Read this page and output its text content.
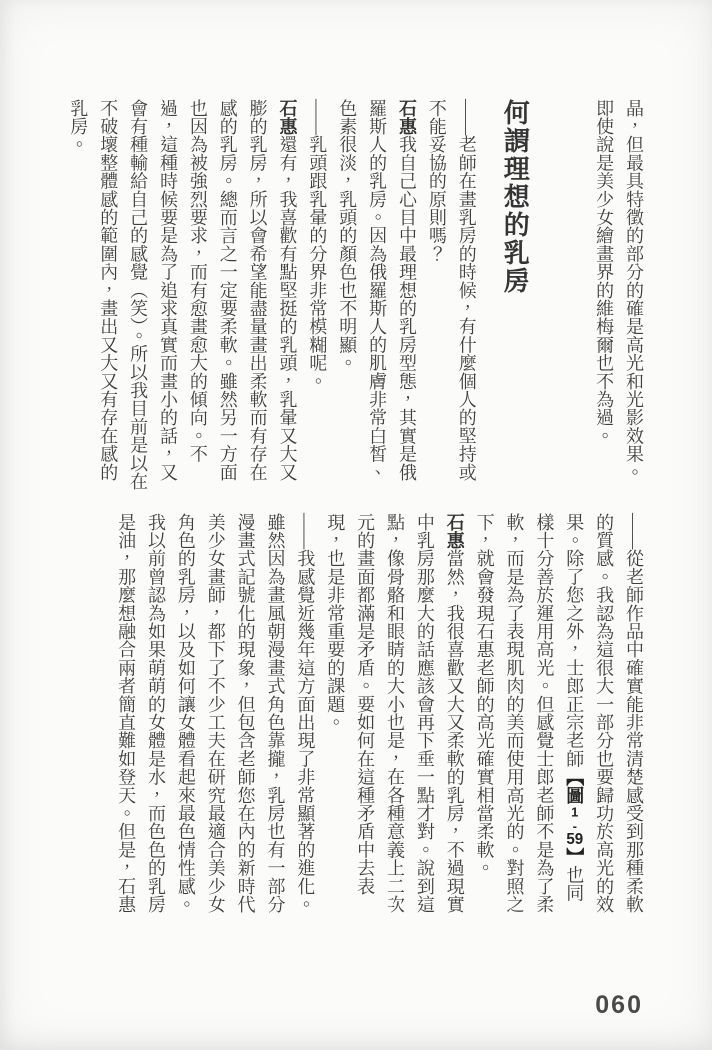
晶，但最具特徵的部分的確是高光和光影效果。即使說是美少女繪畫界的維梅爾也不為過。

何謂理想的乳房

——老師在畫乳房的時候，有什麼個人的堅持或不能妥協的原則嗎？

石惠我自己心目中最理想的乳房型態，其實是俄羅斯人的乳房。因為俄羅斯人的肌膚非常白皙、色素很淡，乳頭的顏色也不明顯。

——乳頭跟乳暈的分界非常模糊呢。

石惠還有，我喜歡有點堅挺的乳頭，乳暈又大又膨的乳房，所以會希望能盡量畫出柔軟而有存在感的乳房。總而言之一定要柔軟。雖然另一方面也因為被強烈要求，而有愈畫愈大的傾向。不過，這種時候要是為了追求真實而畫小的話，又會有種輸給自己的感覺（笑）。所以我目前是以在不破壞整體感的範圍內，畫出又大又有存在感的乳房。

——從老師作品中確實能非常清楚感受到那種柔軟的質感。我認為這很大一部分也要歸功於高光的效果。除了您之外，士郎正宗老師【圖1-59】也同樣十分善於運用高光。但感覺士郎老師不是為了柔軟，而是為了表現肌肉的美而使用高光的。對照之下，就會發現石惠老師的高光確實相當柔軟。

石惠當然，我很喜歡又大又柔軟的乳房，不過現實中乳房那麼大的話應該會再下垂一點才對。說到這點，像骨骼和眼睛的大小也是，在各種意義上二次元的畫面都滿是矛盾。要如何在這種矛盾中去表現，也是非常重要的課題。

——我感覺近幾年這方面出現了非常顯著的進化。雖然因為畫風朝漫畫式角色靠攏，乳房也有一部分漫畫式記號化的現象，但包含老師您在內的新時代美少女畫師，都下了不少工夫在研究最適合美少女角色的乳房，以及如何讓女體看起來最色情性感。我以前曾認為如果萌萌的女體是水，而色色的乳房是油，那麼想融合兩者簡直難如登天。但是，石惠

060
